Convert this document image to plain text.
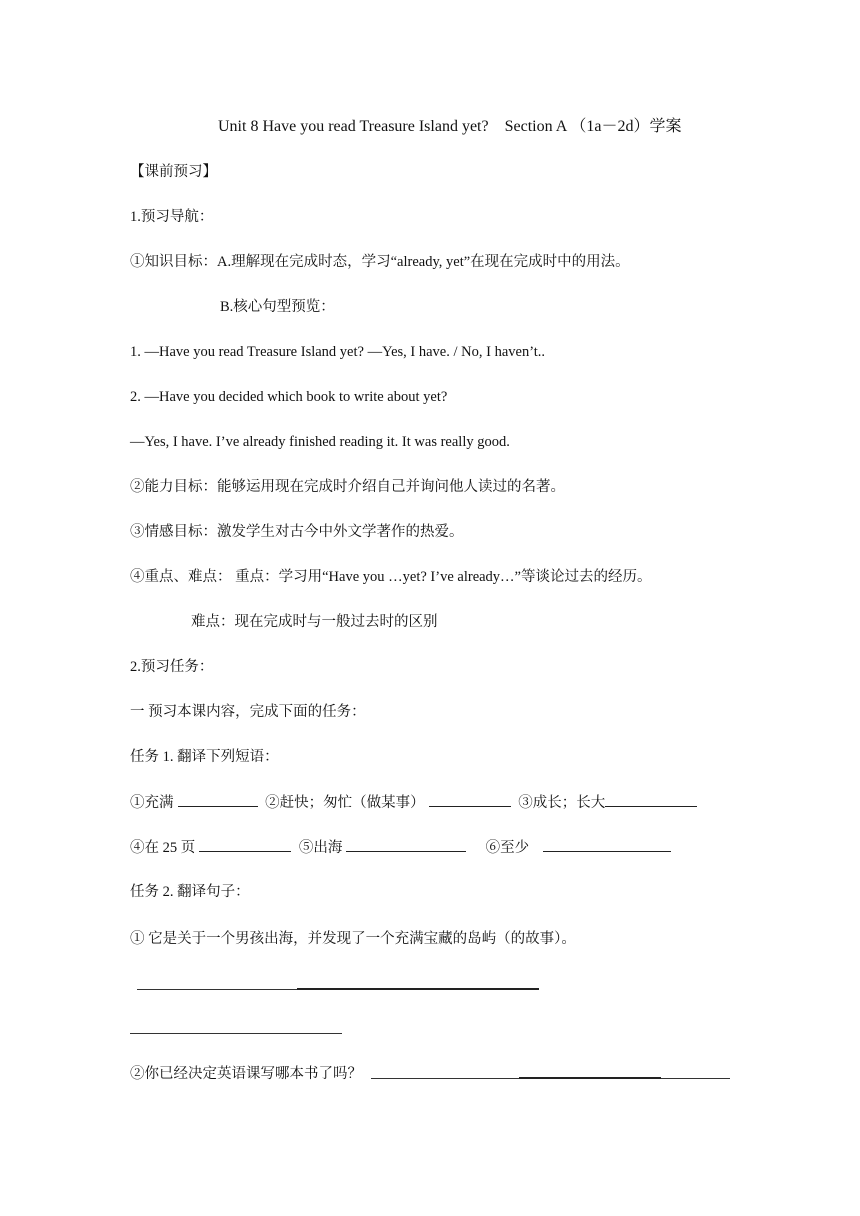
Unit 8 Have you read Treasure Island yet?　Section A （1a－2d）学案
【课前预习】
1.预习导航：
①知识目标：A.理解现在完成时态，学习“already, yet”在现在完成时中的用法。
B.核心句型预览：
1. —Have you read Treasure Island yet? —Yes, I have. / No, I haven’t..
2. —Have you decided which book to write about yet?
—Yes, I have. I’ve already finished reading it. It was really good.
②能力目标：能够运用现在完成时介绍自己并询问他人读过的名著。
③情感目标：激发学生对古今中外文学著作的热爱。
④重点、难点： 重点：学习用“Have you …yet? I’ve already…”等谈论过去的经历。
难点：现在完成时与一般过去时的区别
2.预习任务：
一 预习本课内容，完成下面的任务：
任务 1. 翻译下列短语：
①充满	②赶快；匆忙（做某事）	③成长；长大
④在 25 页	⑤出海	⑥至少
任务 2. 翻译句子：
① 它是关于一个男孩出海，并发现了一个充满宝藏的岛屿（的故事）。
②你已经决定英语课写哪本书了吗？
